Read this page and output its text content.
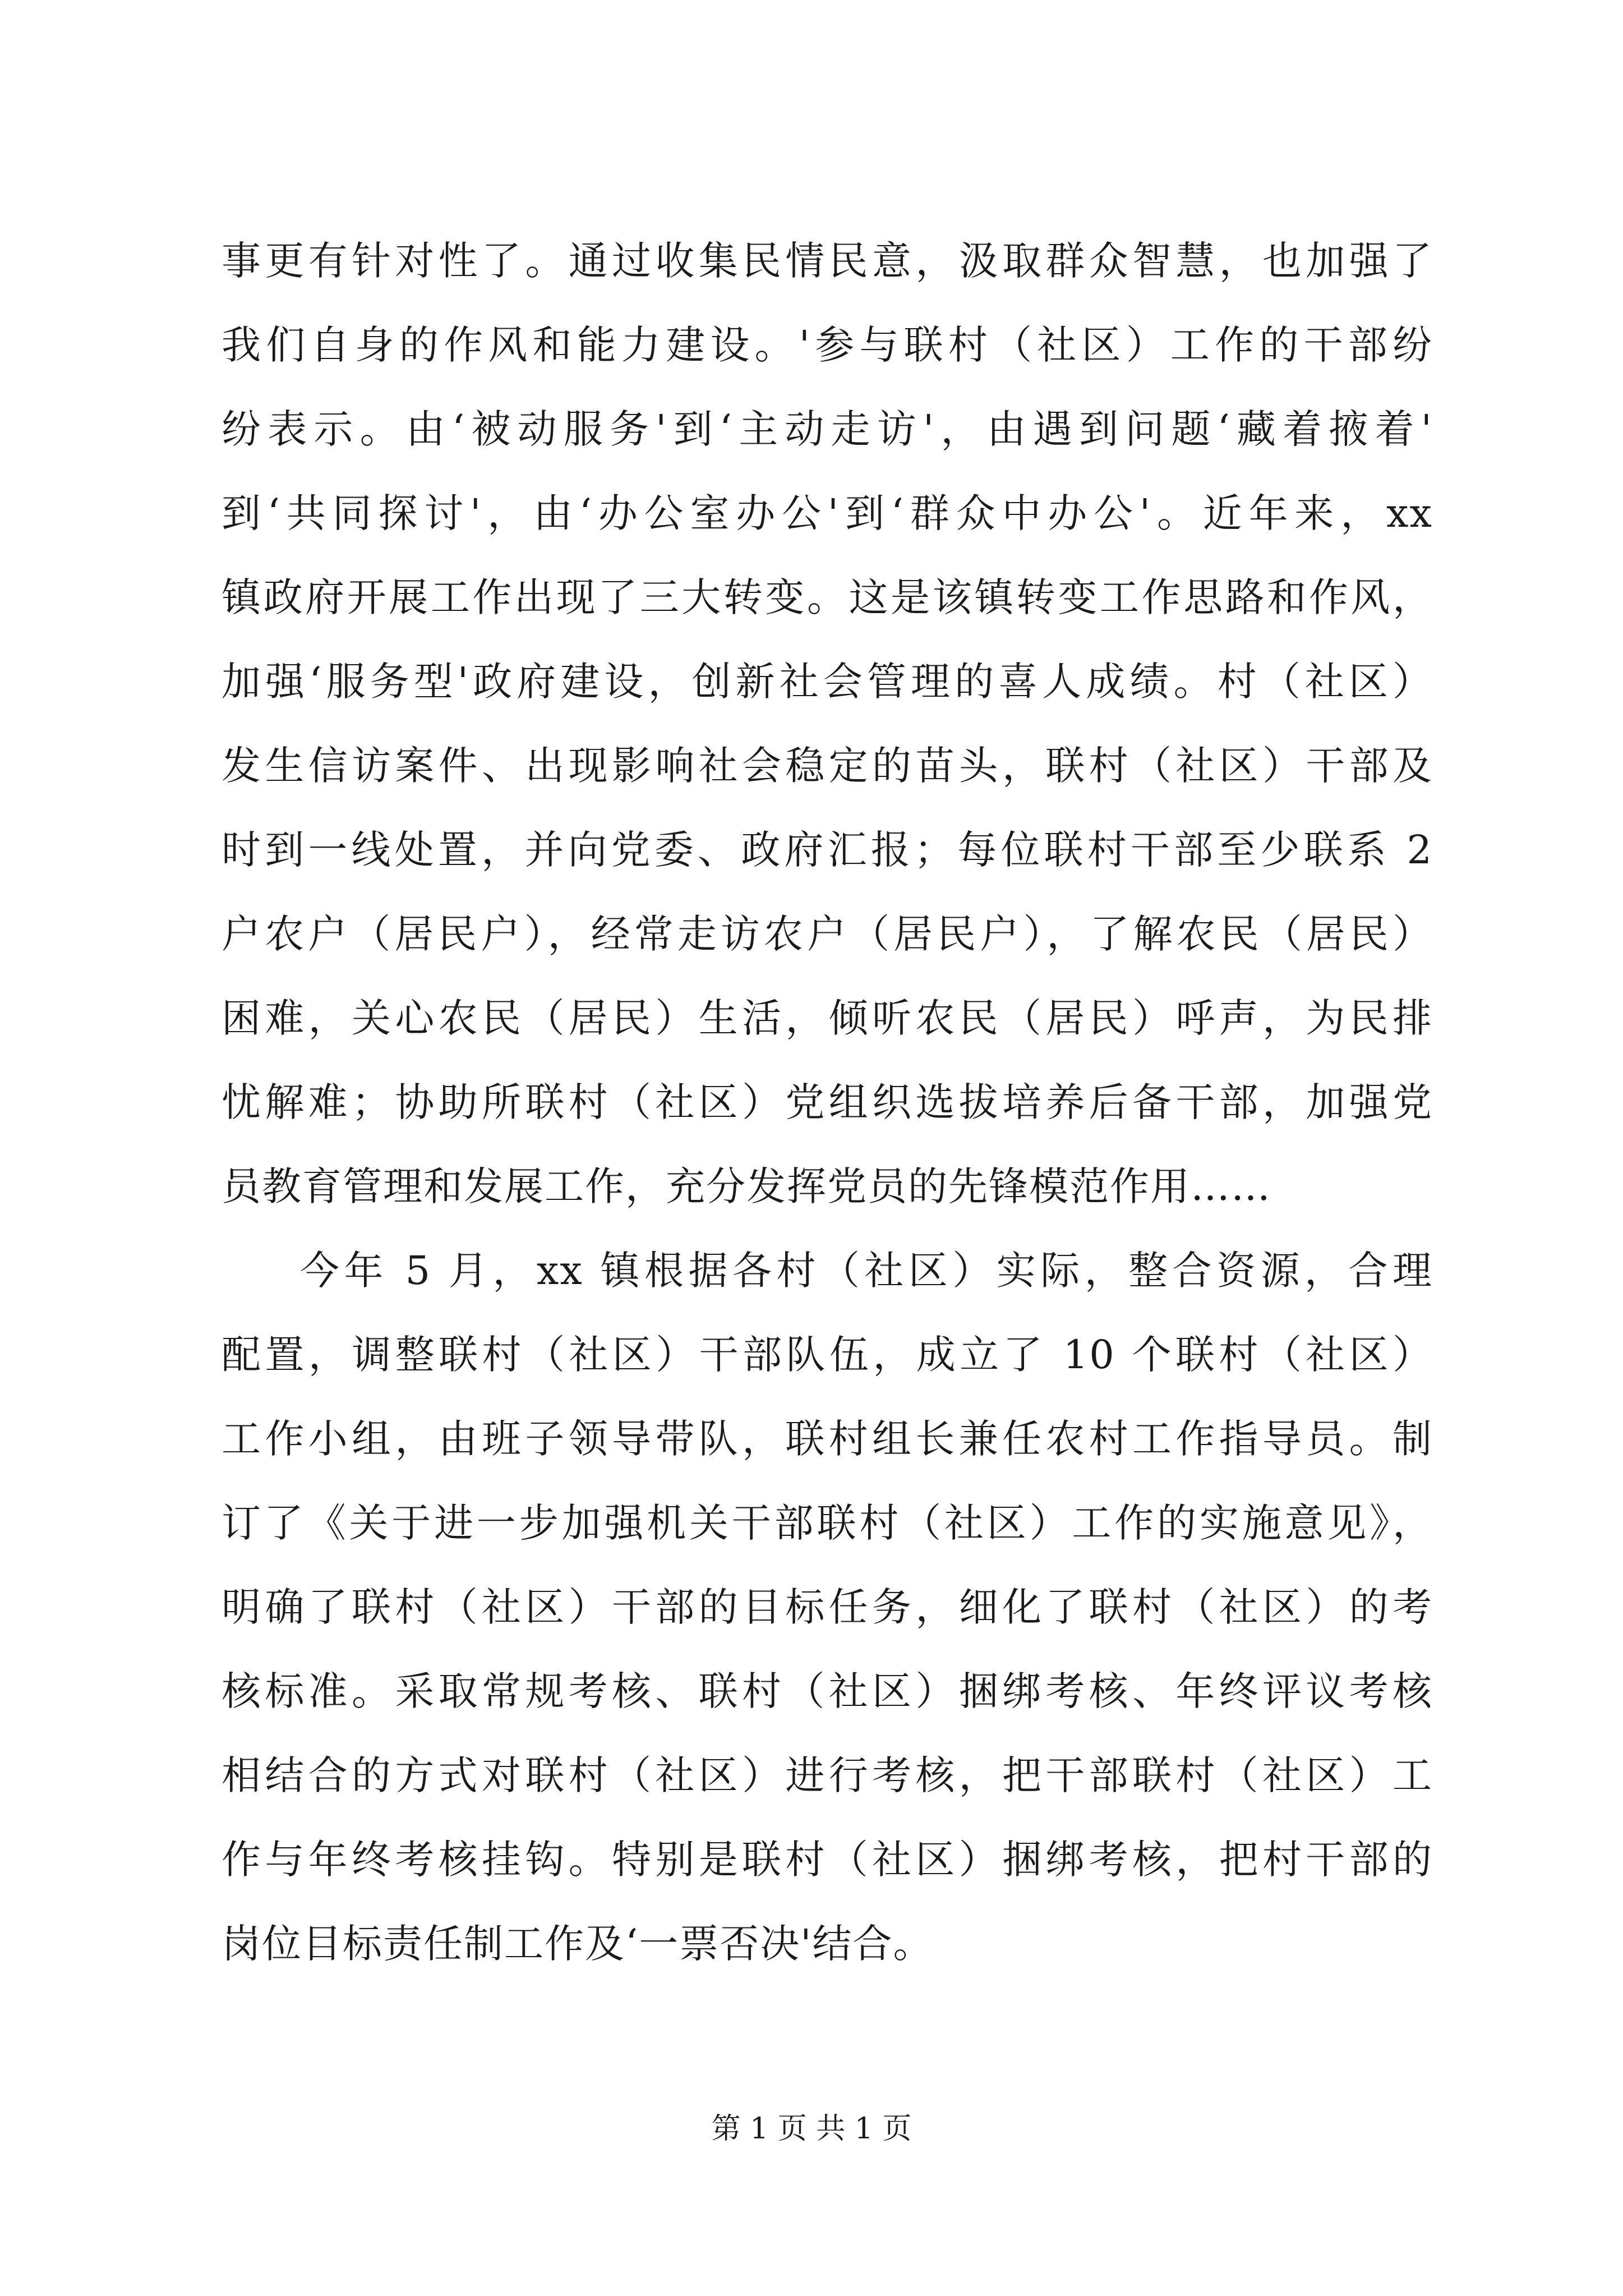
事更有针对性了。通过收集民情民意，汲取群众智慧，也加强了
我们自身的作风和能力建设。'参与联村（社区）工作的干部纷
纷表示。由‘被动服务'到‘主动走访'，由遇到问题‘藏着掖着'
到‘共同探讨'，由‘办公室办公'到‘群众中办公'。近年来，xx
镇政府开展工作出现了三大转变。这是该镇转变工作思路和作风，
加强‘服务型'政府建设，创新社会管理的喜人成绩。村（社区）
发生信访案件、出现影响社会稳定的苗头，联村（社区）干部及
时到一线处置，并向党委、政府汇报；每位联村干部至少联系 2
户农户（居民户），经常走访农户（居民户），了解农民（居民）
困难，关心农民（居民）生活，倾听农民（居民）呼声，为民排
忧解难；协助所联村（社区）党组织选拔培养后备干部，加强党
员教育管理和发展工作，充分发挥党员的先锋模范作用……
今年 5 月，xx 镇根据各村（社区）实际，整合资源，合理
配置，调整联村（社区）干部队伍，成立了 10 个联村（社区）
工作小组，由班子领导带队，联村组长兼任农村工作指导员。制
订了《关于进一步加强机关干部联村（社区）工作的实施意见》，
明确了联村（社区）干部的目标任务，细化了联村（社区）的考
核标准。采取常规考核、联村（社区）捆绑考核、年终评议考核
相结合的方式对联村（社区）进行考核，把干部联村（社区）工
作与年终考核挂钩。特别是联村（社区）捆绑考核，把村干部的
岗位目标责任制工作及‘一票否决'结合。
第 1 页 共 1 页
